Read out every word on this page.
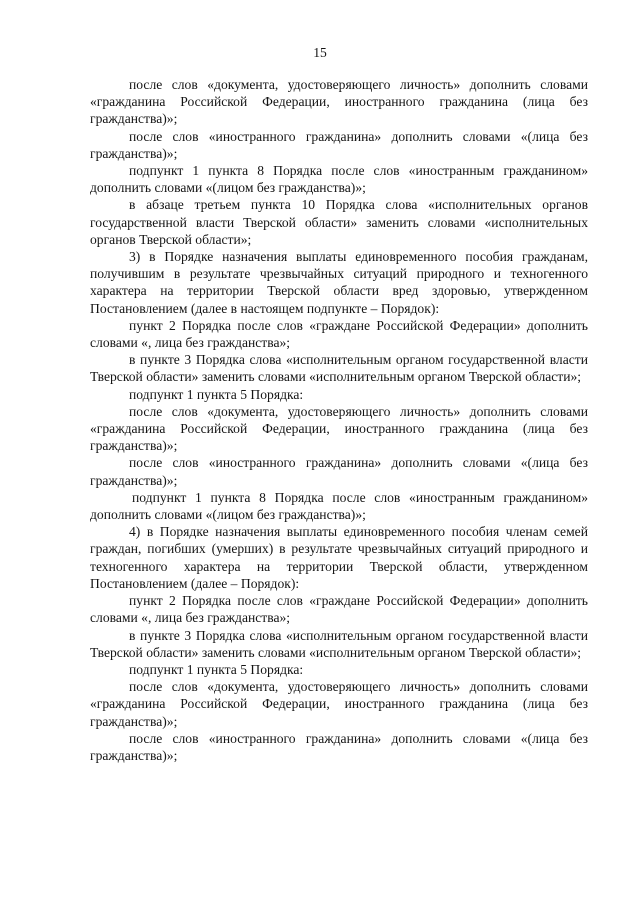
15

после слов «документа, удостоверяющего личность» дополнить словами «гражданина Российской Федерации, иностранного гражданина (лица без гражданства)»;

после слов «иностранного гражданина» дополнить словами «(лица без гражданства)»;

подпункт 1 пункта 8 Порядка после слов «иностранным гражданином» дополнить словами «(лицом без гражданства)»;

в абзаце третьем пункта 10 Порядка слова «исполнительных органов государственной власти Тверской области» заменить словами «исполнительных органов Тверской области»;

3) в Порядке назначения выплаты единовременного пособия гражданам, получившим в результате чрезвычайных ситуаций природного и техногенного характера на территории Тверской области вред здоровью, утвержденном Постановлением (далее в настоящем подпункте – Порядок):

пункт 2 Порядка после слов «граждане Российской Федерации» дополнить словами «, лица без гражданства»;

в пункте 3 Порядка слова «исполнительным органом государственной власти Тверской области» заменить словами «исполнительным органом Тверской области»;

подпункт 1 пункта 5 Порядка:

после слов «документа, удостоверяющего личность» дополнить словами «гражданина Российской Федерации, иностранного гражданина (лица без гражданства)»;

после слов «иностранного гражданина» дополнить словами «(лица без гражданства)»;

подпункт 1 пункта 8 Порядка после слов «иностранным гражданином» дополнить словами «(лицом без гражданства)»;

4) в Порядке назначения выплаты единовременного пособия членам семей граждан, погибших (умерших) в результате чрезвычайных ситуаций природного и техногенного характера на территории Тверской области, утвержденном Постановлением (далее – Порядок):

пункт 2 Порядка после слов «граждане Российской Федерации» дополнить словами «, лица без гражданства»;

в пункте 3 Порядка слова «исполнительным органом государственной власти Тверской области» заменить словами «исполнительным органом Тверской области»;

подпункт 1 пункта 5 Порядка:

после слов «документа, удостоверяющего личность» дополнить словами «гражданина Российской Федерации, иностранного гражданина (лица без гражданства)»;

после слов «иностранного гражданина» дополнить словами «(лица без гражданства)»;
